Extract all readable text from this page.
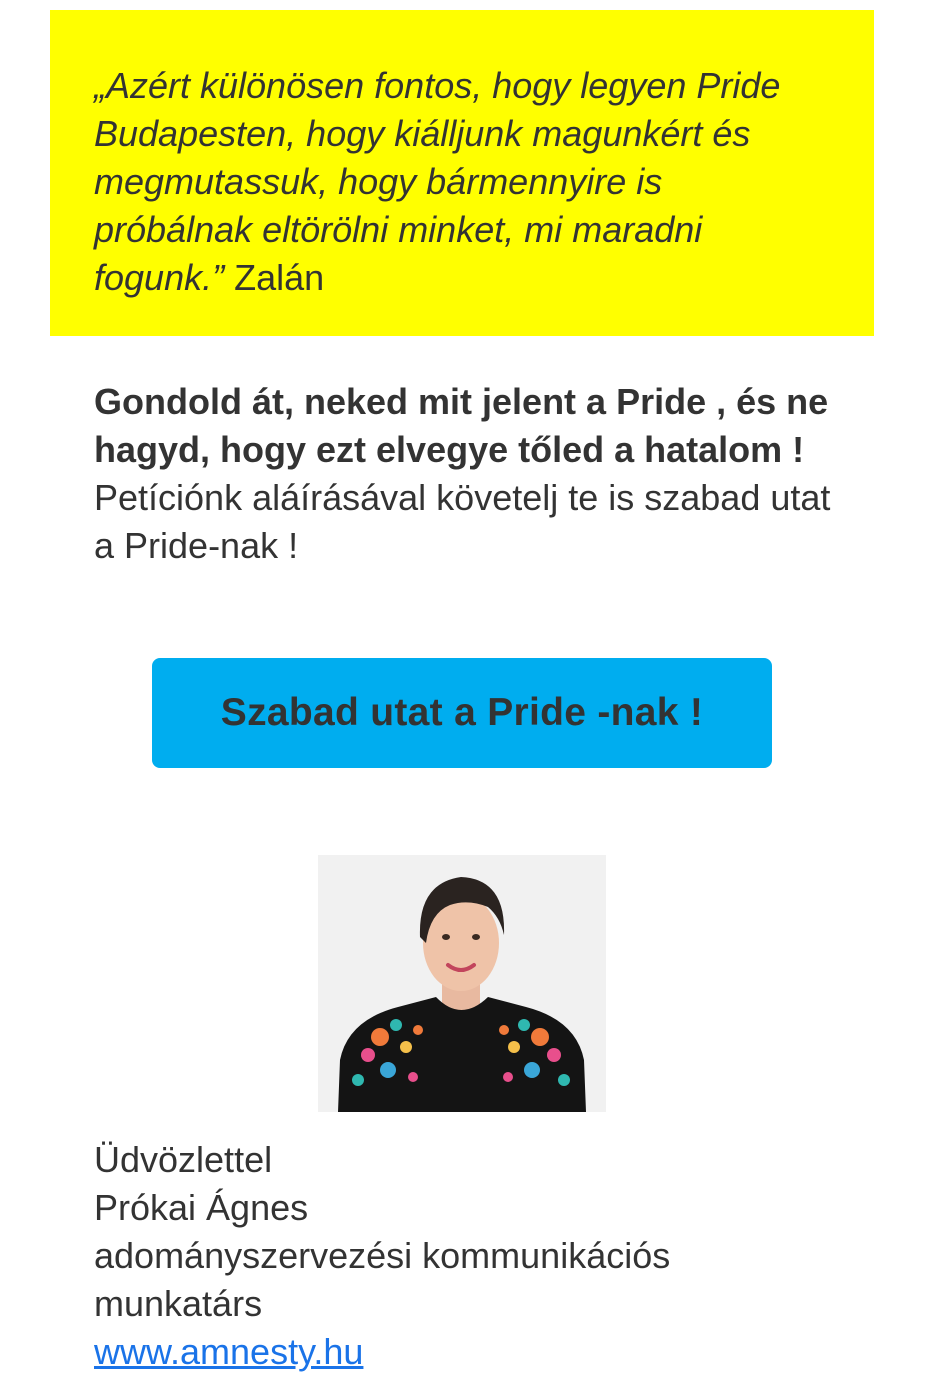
„Azért különösen fontos, hogy legyen Pride Budapesten, hogy kiálljunk magunkért és megmutassuk, hogy bármennyire is próbálnak eltörölni minket, mi maradni fogunk.” Zalán

Gondold át, neked mit jelent a Pride , és ne hagyd, hogy ezt elvegye tőled a hatalom ! Petíciónk aláírásával követelj te is szabad utat a Pride-nak !

Szabad utat a Pride -nak !
Üdvözlettel
Prókai Ágnes
adományszervezési kommunikációs
munkatárs
www.amnesty.hu
